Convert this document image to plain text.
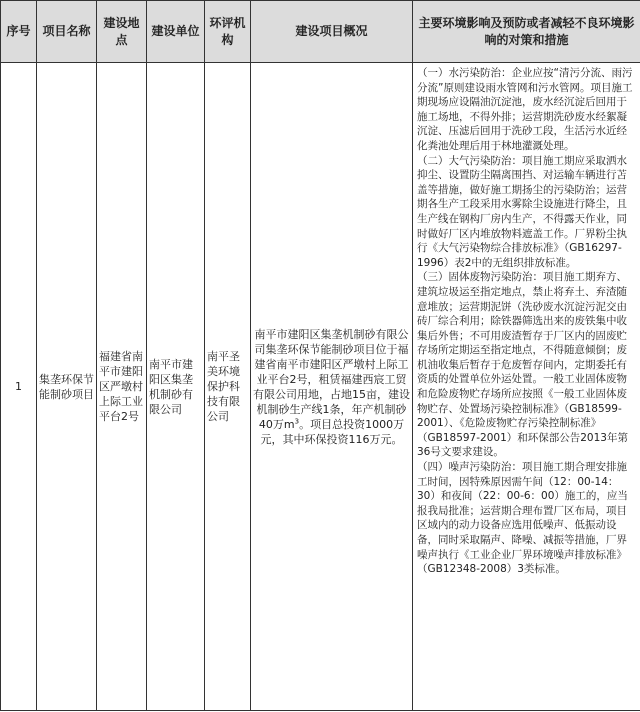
序号	项目名称	建设地点	建设单位	环评机构	建设项目概况	主要环境影响及预防或者减轻不良环境影响的对策和措施
1	集垄环保节能制砂项目	福建省南平市建阳区严墩村上际工业平台2号	南平市建阳区集垄机制砂有限公司	南平圣美环境保护科技有限公司	南平市建阳区集垄机制砂有限公司集垄环保节能制砂项目位于福建省南平市建阳区严墩村上际工业平台2号，租赁福建西宸工贸有限公司用地，占地15亩，建设机制砂生产线1条，年产机制砂40万$m^3$。项目总投资1000万元，其中环保投资116万元。	（一）水污染防治：企业应按“清污分流、雨污分流”原则建设雨水管网和污水管网。项目施工期现场应设隔油沉淀池，废水经沉淀后回用于施工场地，不得外排；运营期洗砂废水经絮凝沉淀、压滤后回用于洗砂工段，生活污水近经化粪池处理后用于林地灌溉处理。

（二）大气污染防治：项目施工期应采取洒水抑尘、设置防尘隔离围挡、对运输车辆进行苫盖等措施，做好施工期扬尘的污染防治；运营期各生产工段采用水雾除尘设施进行降尘，且生产线在钢构厂房内生产，不得露天作业，同时做好厂区内堆放物料遮盖工作。厂界粉尘执行《大气污染物综合排放标准》（GB16297-1996）表2中的无组织排放标准。

（三）固体废物污染防治：项目施工期弃方、建筑垃圾运至指定地点，禁止将弃土、弃渣随意堆放；运营期泥饼（洗砂废水沉淀污泥交由砖厂综合利用；除铁器筛选出来的废铁集中收集后外售；不可用废渣暂存于厂区内的固废贮存场所定期运至指定地点，不得随意倾倒；废机油收集后暂存于危废暂存间内，定期委托有资质的处置单位外运处置。一般工业固体废物和危险废物贮存场所应按照《一般工业固体废物贮存、处置场污染控制标准》（GB18599-2001）、《危险废物贮存污染控制标准》（GB18597-2001）和环保部公告2013年第36号文要求建设。

（四）噪声污染防治：项目施工期合理安排施工时间，因特殊原因需午间（12：00-14：30）和夜间（22：00-6：00）施工的，应当报我局批准；运营期合理布置厂区布局，项目区域内的动力设备应选用低噪声、低振动设备，同时采取隔声、降噪、减振等措施，厂界噪声执行《工业企业厂界环境噪声排放标准》（GB12348-2008）3类标准。
